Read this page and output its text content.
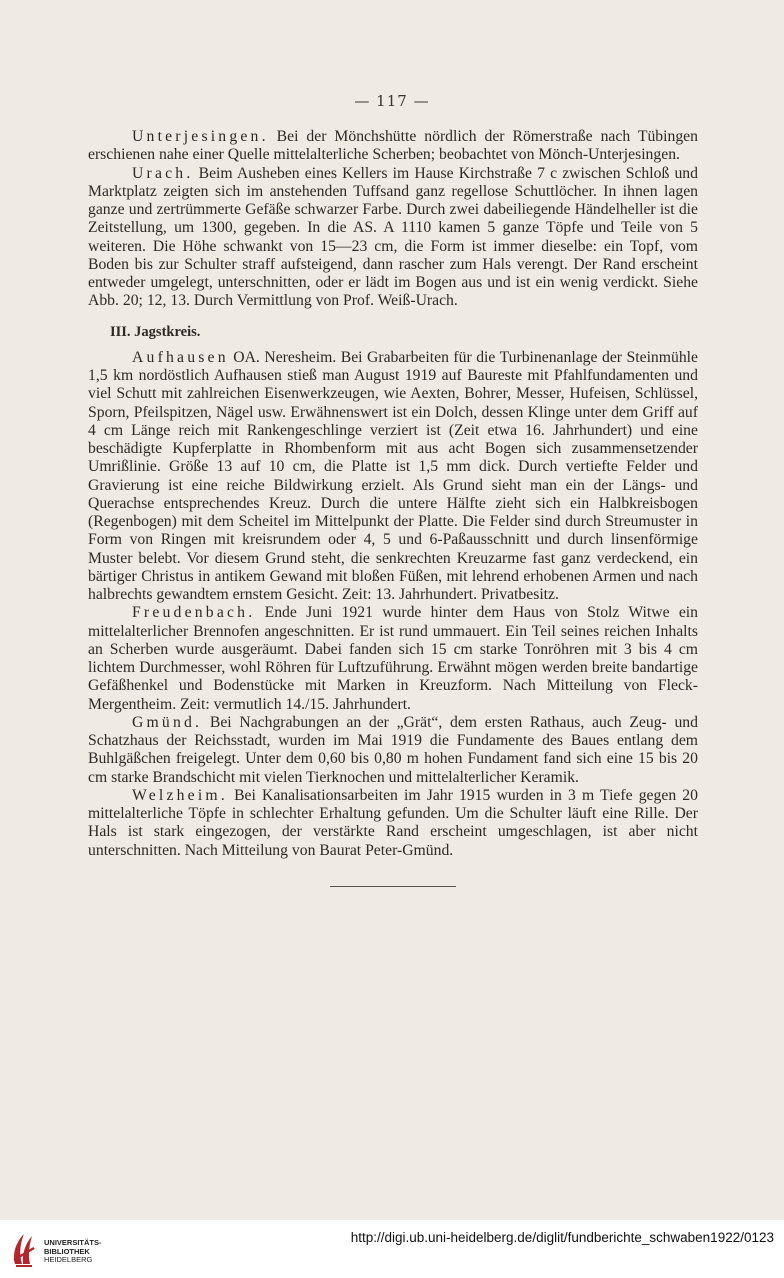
— 117 —

Unterjesingen. Bei der Mönchshütte nördlich der Römerstraße nach Tübingen erschienen nahe einer Quelle mittelalterliche Scherben; beobachtet von Mönch-Unterjesingen.

Urach. Beim Ausheben eines Kellers im Hause Kirchstraße 7 c zwischen Schloß und Marktplatz zeigten sich im anstehenden Tuffsand ganz regellose Schuttlöcher. In ihnen lagen ganze und zertrümmerte Gefäße schwarzer Farbe. Durch zwei dabeiliegende Händelheller ist die Zeitstellung, um 1300, gegeben. In die AS. A 1110 kamen 5 ganze Töpfe und Teile von 5 weiteren. Die Höhe schwankt von 15—23 cm, die Form ist immer dieselbe: ein Topf, vom Boden bis zur Schulter straff aufsteigend, dann rascher zum Hals verengt. Der Rand erscheint entweder umgelegt, unterschnitten, oder er lädt im Bogen aus und ist ein wenig verdickt. Siehe Abb. 20; 12, 13. Durch Vermittlung von Prof. Weiß-Urach.

III. Jagstkreis.

Aufhausen OA. Neresheim. Bei Grabarbeiten für die Turbinenanlage der Steinmühle 1,5 km nordöstlich Aufhausen stieß man August 1919 auf Baureste mit Pfahlfundamenten und viel Schutt mit zahlreichen Eisenwerkzeugen, wie Aexten, Bohrer, Messer, Hufeisen, Schlüssel, Sporn, Pfeilspitzen, Nägel usw. Erwähnenswert ist ein Dolch, dessen Klinge unter dem Griff auf 4 cm Länge reich mit Rankengeschlinge verziert ist (Zeit etwa 16. Jahrhundert) und eine beschädigte Kupferplatte in Rhombenform mit aus acht Bogen sich zusammensetzender Umrißlinie. Größe 13 auf 10 cm, die Platte ist 1,5 mm dick. Durch vertiefte Felder und Gravierung ist eine reiche Bildwirkung erzielt. Als Grund sieht man ein der Längs- und Querachse entsprechendes Kreuz. Durch die untere Hälfte zieht sich ein Halbkreisbogen (Regenbogen) mit dem Scheitel im Mittelpunkt der Platte. Die Felder sind durch Streumuster in Form von Ringen mit kreisrundem oder 4, 5 und 6-Paßausschnitt und durch linsenförmige Muster belebt. Vor diesem Grund steht, die senkrechten Kreuzarme fast ganz verdeckend, ein bärtiger Christus in antikem Gewand mit bloßen Füßen, mit lehrend erhobenen Armen und nach halbrechts gewandtem ernstem Gesicht. Zeit: 13. Jahrhundert. Privatbesitz.

Freudenbach. Ende Juni 1921 wurde hinter dem Haus von Stolz Witwe ein mittelalterlicher Brennofen angeschnitten. Er ist rund ummauert. Ein Teil seines reichen Inhalts an Scherben wurde ausgeräumt. Dabei fanden sich 15 cm starke Tonröhren mit 3 bis 4 cm lichtem Durchmesser, wohl Röhren für Luftzuführung. Erwähnt mögen werden breite bandartige Gefäßhenkel und Bodenstücke mit Marken in Kreuzform. Nach Mitteilung von Fleck-Mergentheim. Zeit: vermutlich 14./15. Jahrhundert.

Gmünd. Bei Nachgrabungen an der „Grät“, dem ersten Rathaus, auch Zeug- und Schatzhaus der Reichsstadt, wurden im Mai 1919 die Fundamente des Baues entlang dem Buhlgäßchen freigelegt. Unter dem 0,60 bis 0,80 m hohen Fundament fand sich eine 15 bis 20 cm starke Brandschicht mit vielen Tierknochen und mittelalterlicher Keramik.

Welzheim. Bei Kanalisationsarbeiten im Jahr 1915 wurden in 3 m Tiefe gegen 20 mittelalterliche Töpfe in schlechter Erhaltung gefunden. Um die Schulter läuft eine Rille. Der Hals ist stark eingezogen, der verstärkte Rand erscheint umgeschlagen, ist aber nicht unterschnitten. Nach Mitteilung von Baurat Peter-Gmünd.

UNIVERSITÄTS-
BIBLIOTHEK
HEIDELBERG
http://digi.ub.uni-heidelberg.de/diglit/fundberichte_schwaben1922/0123
